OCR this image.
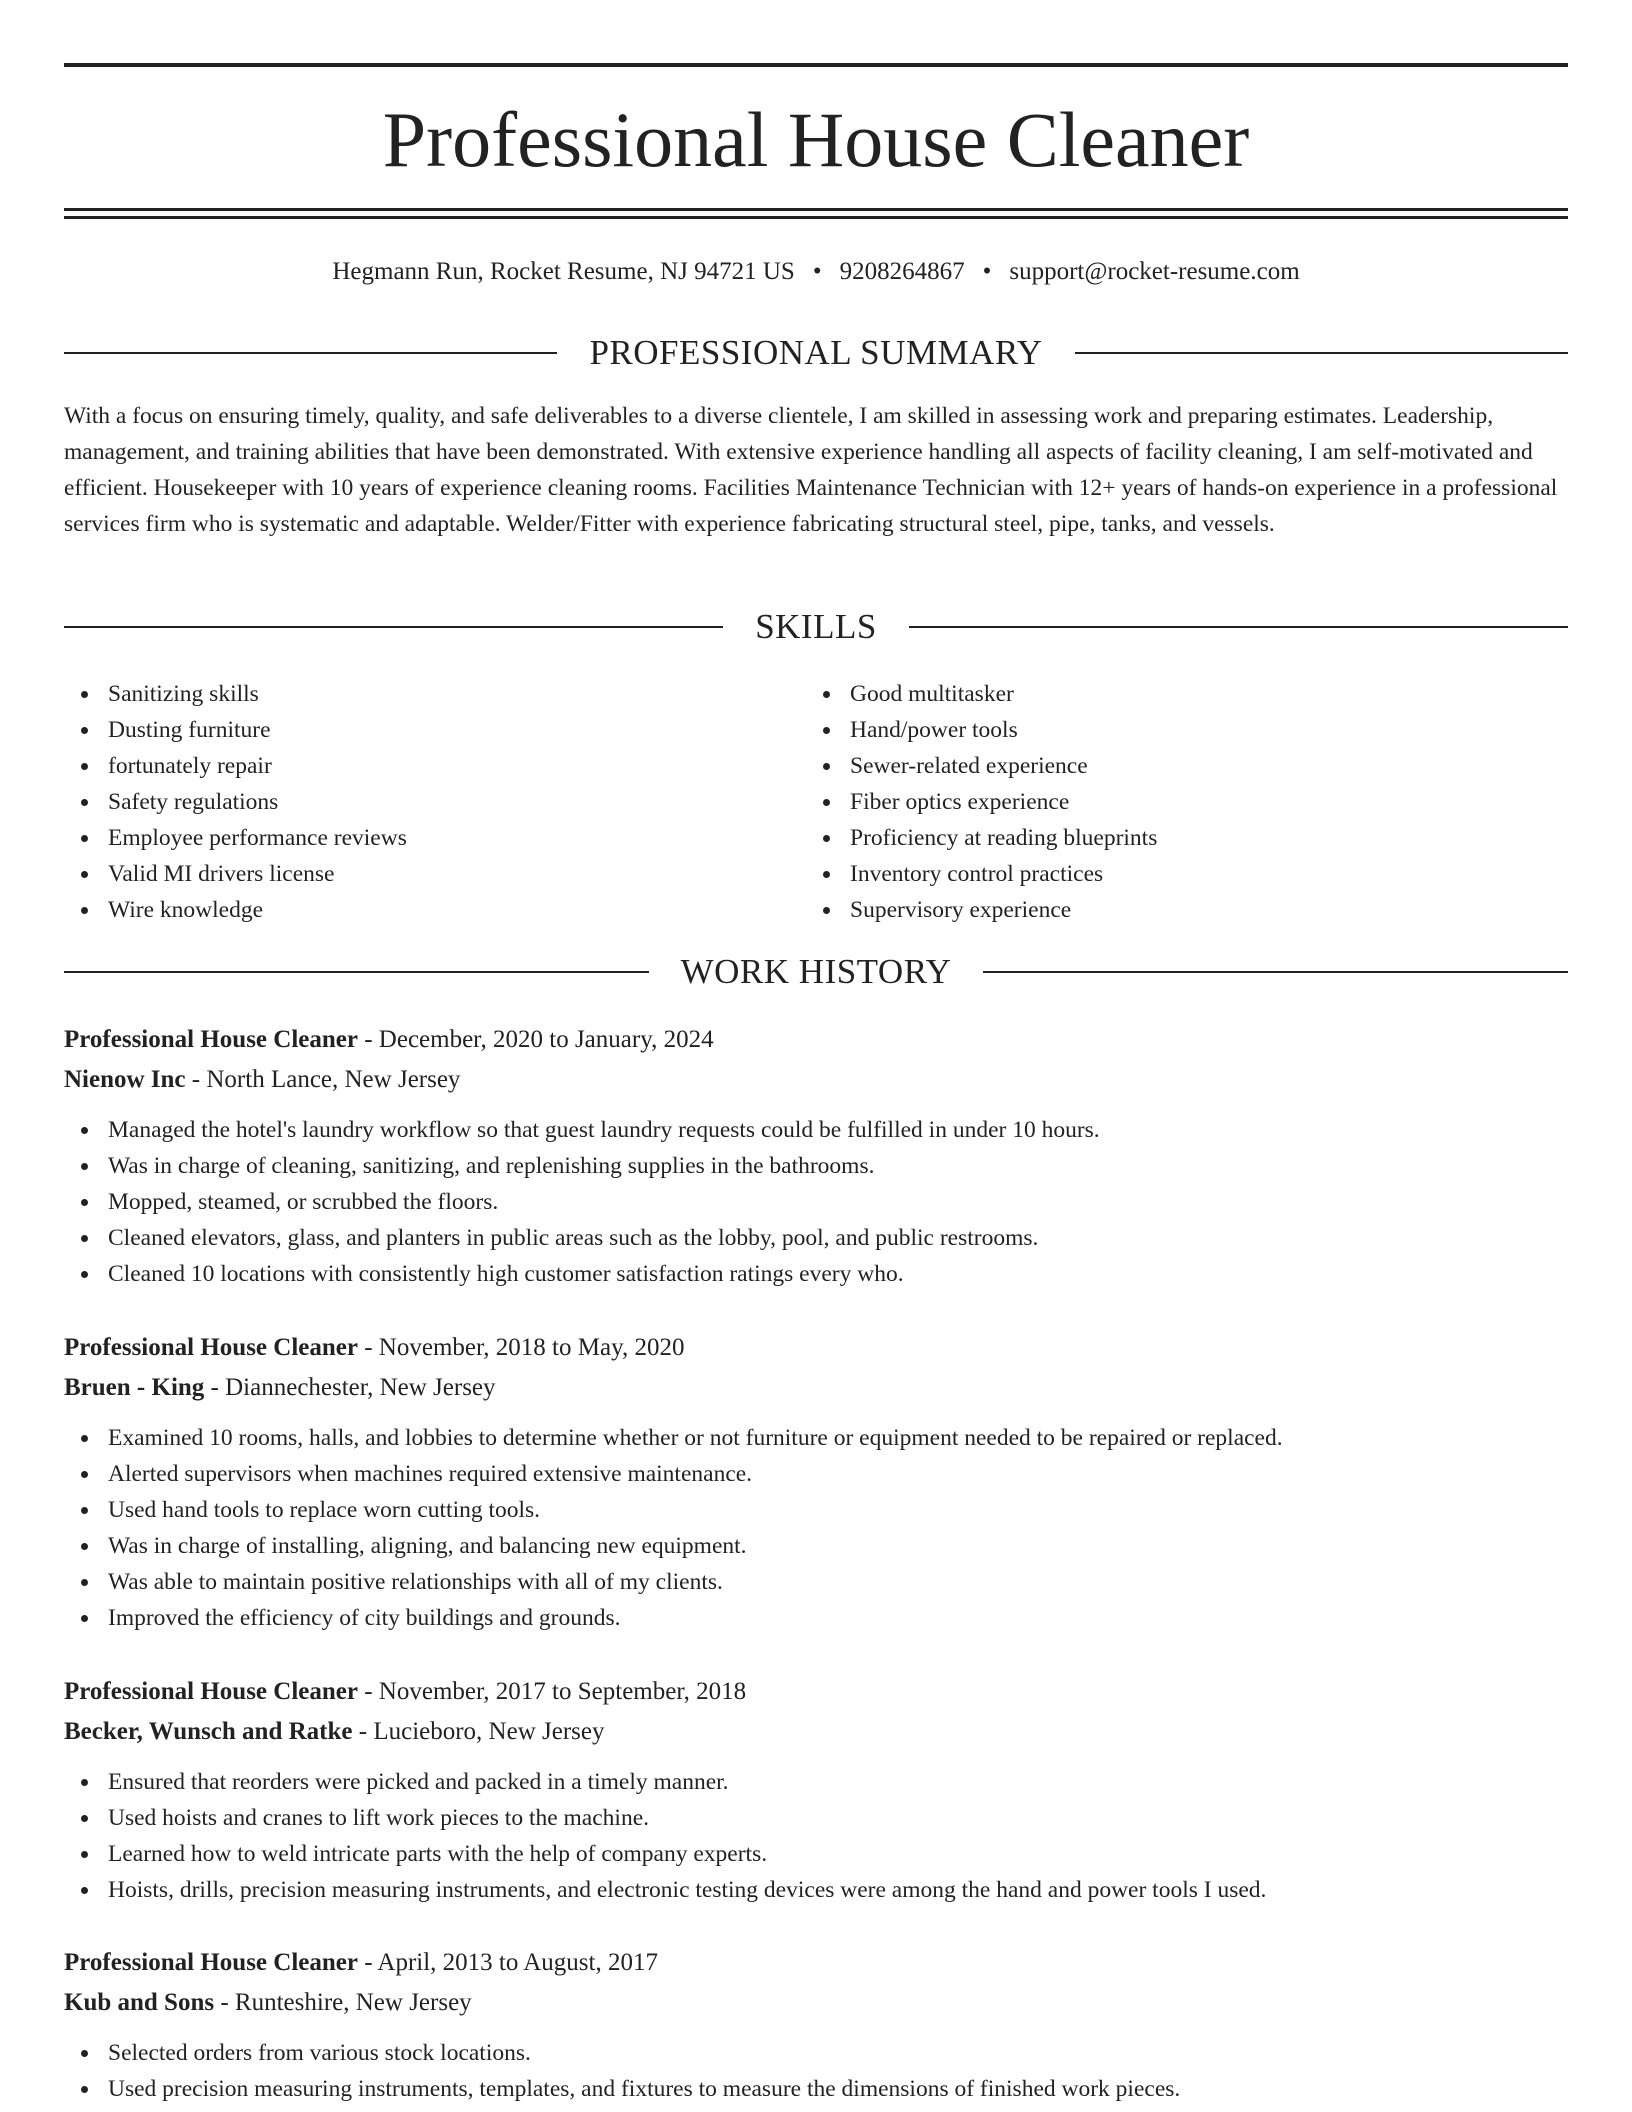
Professional House Cleaner
Hegmann Run, Rocket Resume, NJ 94721 US • 9208264867 • support@rocket-resume.com
PROFESSIONAL SUMMARY

With a focus on ensuring timely, quality, and safe deliverables to a diverse clientele, I am skilled in assessing work and preparing estimates. Leadership, management, and training abilities that have been demonstrated. With extensive experience handling all aspects of facility cleaning, I am self-motivated and efficient. Housekeeper with 10 years of experience cleaning rooms. Facilities Maintenance Technician with 12+ years of hands-on experience in a professional services firm who is systematic and adaptable. Welder/Fitter with experience fabricating structural steel, pipe, tanks, and vessels.

SKILLS
Sanitizing skills
Dusting furniture
fortunately repair
Safety regulations
Employee performance reviews
Valid MI drivers license
Wire knowledge
Good multitasker
Hand/power tools
Sewer-related experience
Fiber optics experience
Proficiency at reading blueprints
Inventory control practices
Supervisory experience
WORK HISTORY
Professional House Cleaner - December, 2020 to January, 2024
Nienow Inc - North Lance, New Jersey
Managed the hotel's laundry workflow so that guest laundry requests could be fulfilled in under 10 hours.
Was in charge of cleaning, sanitizing, and replenishing supplies in the bathrooms.
Mopped, steamed, or scrubbed the floors.
Cleaned elevators, glass, and planters in public areas such as the lobby, pool, and public restrooms.
Cleaned 10 locations with consistently high customer satisfaction ratings every who.
Professional House Cleaner - November, 2018 to May, 2020
Bruen - King - Diannechester, New Jersey
Examined 10 rooms, halls, and lobbies to determine whether or not furniture or equipment needed to be repaired or replaced.
Alerted supervisors when machines required extensive maintenance.
Used hand tools to replace worn cutting tools.
Was in charge of installing, aligning, and balancing new equipment.
Was able to maintain positive relationships with all of my clients.
Improved the efficiency of city buildings and grounds.
Professional House Cleaner - November, 2017 to September, 2018
Becker, Wunsch and Ratke - Lucieboro, New Jersey
Ensured that reorders were picked and packed in a timely manner.
Used hoists and cranes to lift work pieces to the machine.
Learned how to weld intricate parts with the help of company experts.
Hoists, drills, precision measuring instruments, and electronic testing devices were among the hand and power tools I used.
Professional House Cleaner - April, 2013 to August, 2017
Kub and Sons - Runteshire, New Jersey
Selected orders from various stock locations.
Used precision measuring instruments, templates, and fixtures to measure the dimensions of finished work pieces.
